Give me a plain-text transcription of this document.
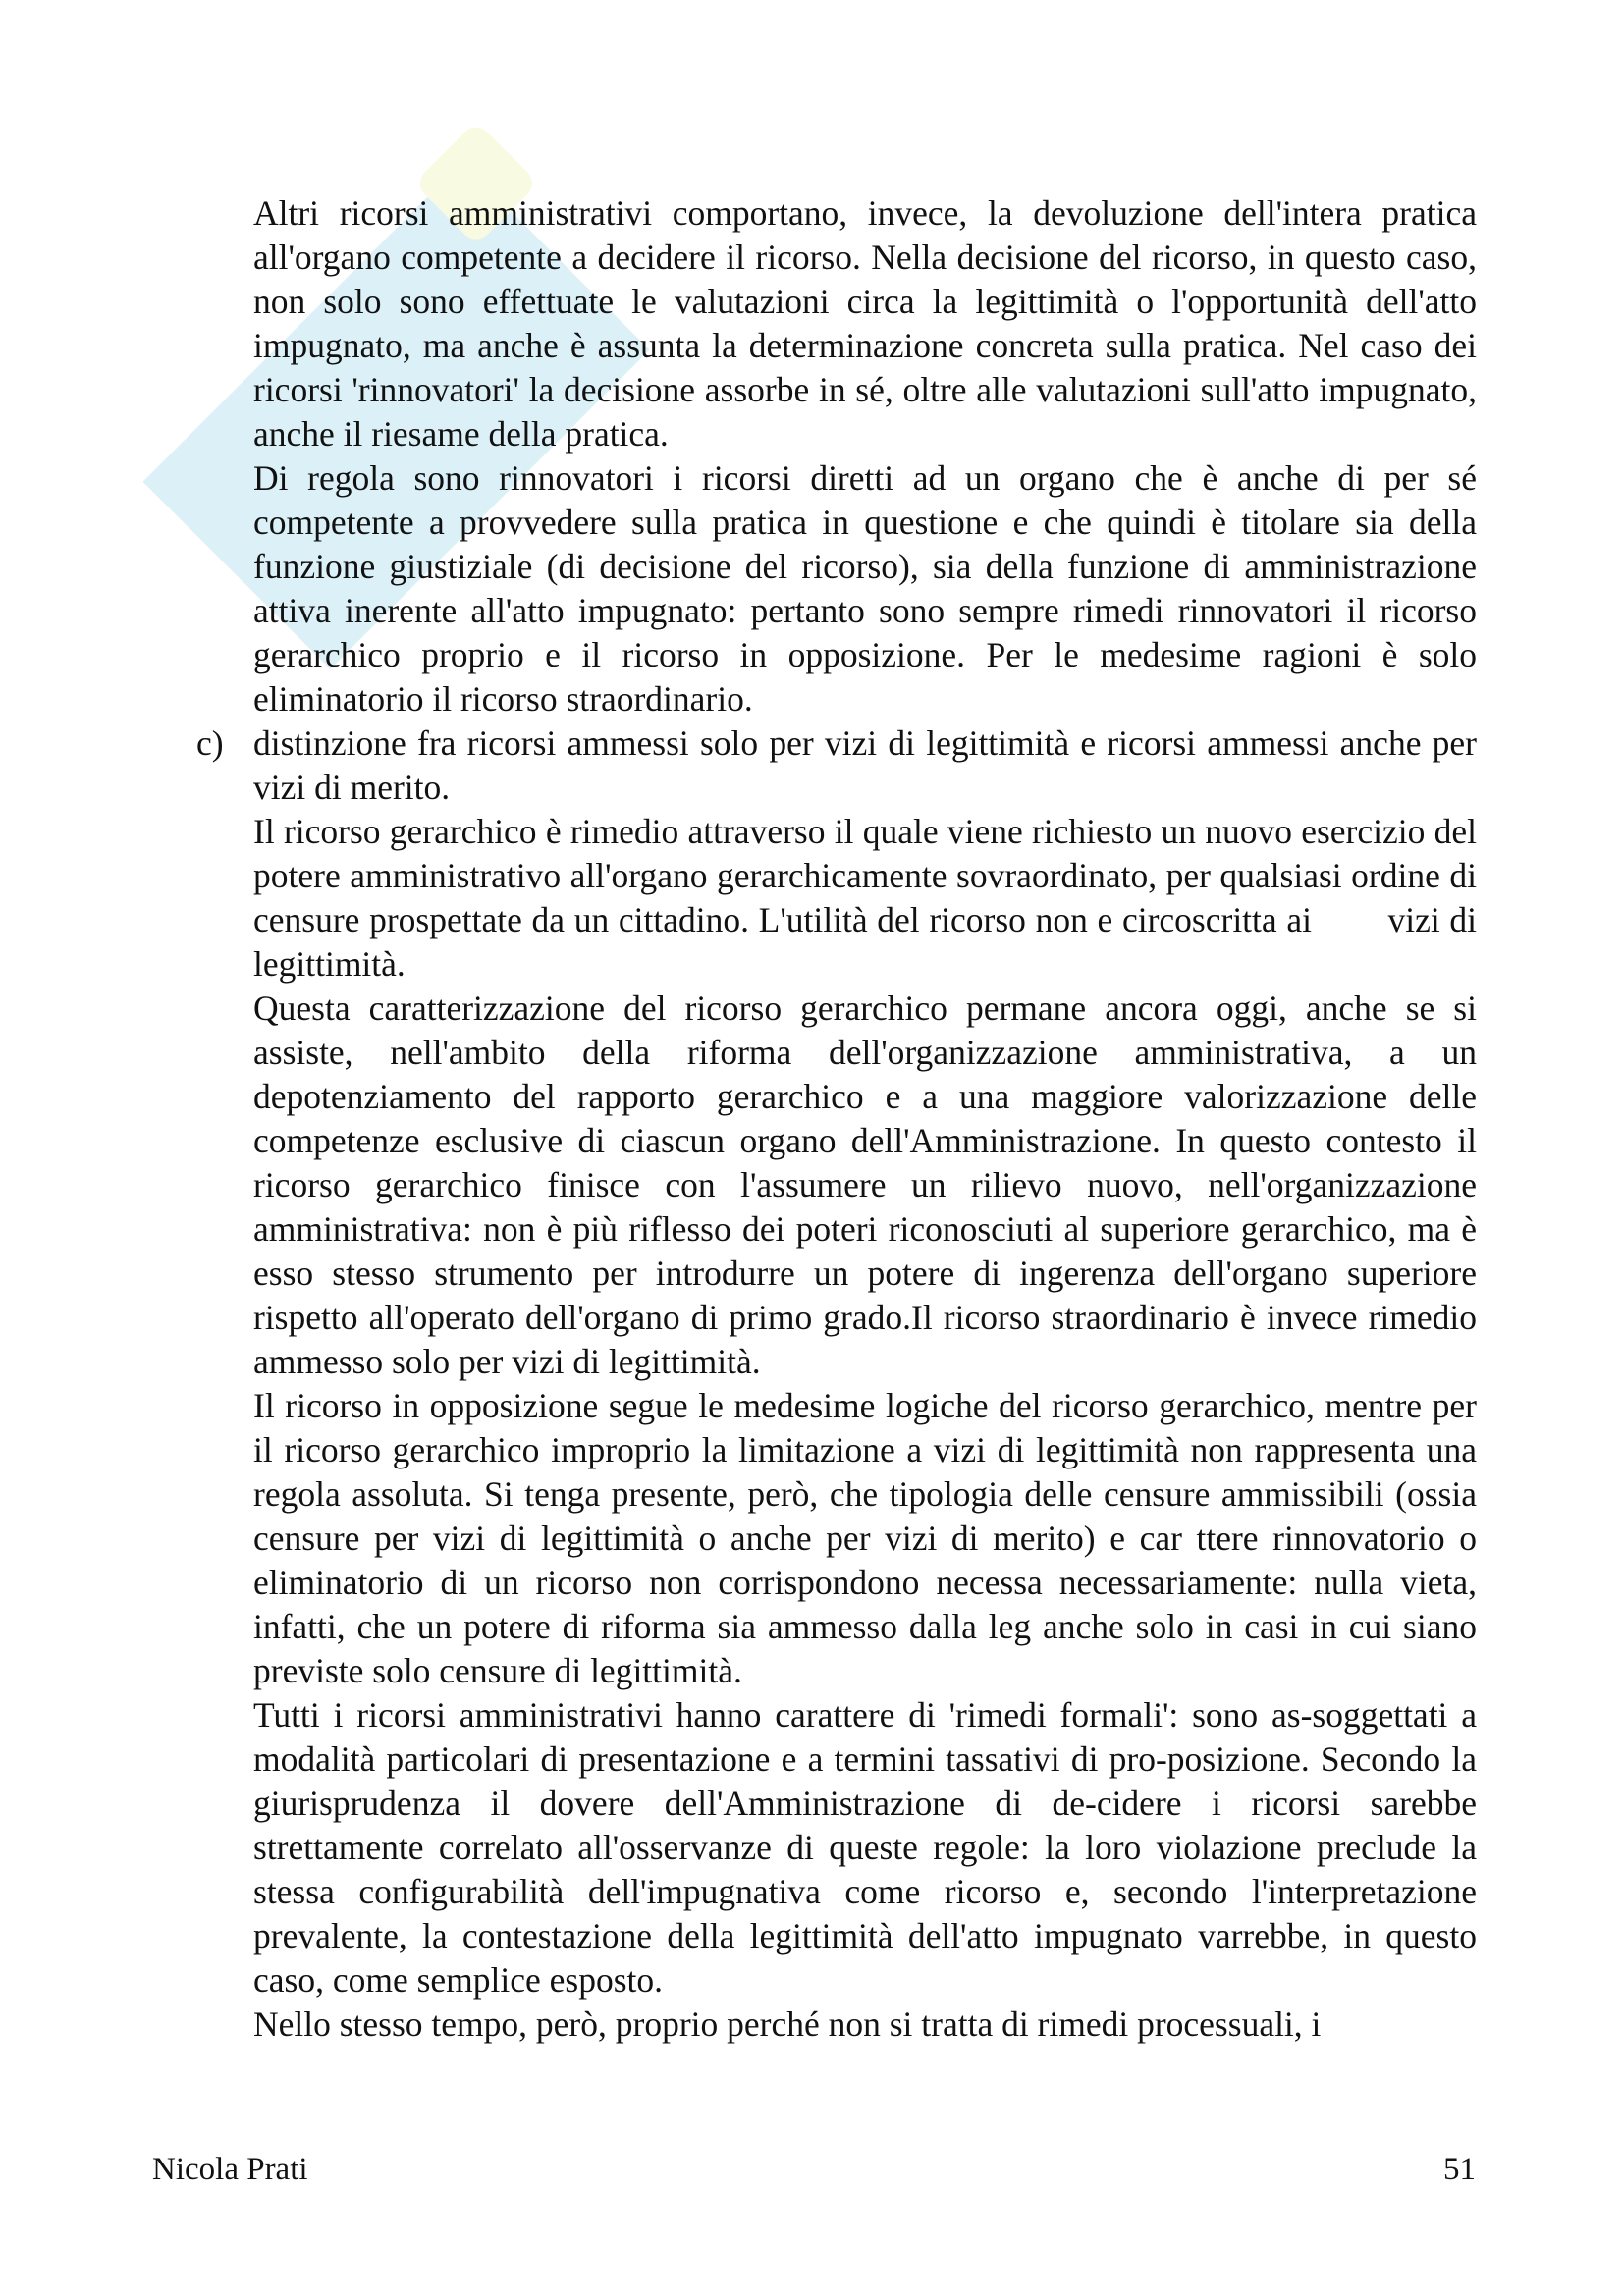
Altri ricorsi amministrativi comportano, invece, la devoluzione dell'intera pratica all'organo competente a decidere il ricorso. Nella decisione del ricorso, in questo caso, non solo sono effettuate le valutazioni circa la legittimità o l'opportunità dell'atto impugnato, ma anche è assunta la determinazione concreta sulla pratica. Nel caso dei ricorsi 'rinnovatori' la decisione assorbe in sé, oltre alle valutazioni sull'atto impugnato, anche il riesame della pratica.

Di regola sono rinnovatori i ricorsi diretti ad un organo che è anche di per sé competente a provvedere sulla pratica in questione e che quindi è titolare sia della funzione giustiziale (di decisione del ricorso), sia della funzione di amministrazione attiva inerente all'atto impugnato: pertanto sono sempre rimedi rinnovatori il ricorso gerarchico proprio e il ricorso in opposizione. Per le medesime ragioni è solo eliminatorio il ricorso straordinario.

c) distinzione fra ricorsi ammessi solo per vizi di legittimità e ricorsi ammessi anche per vizi di merito.

Il ricorso gerarchico è rimedio attraverso il quale viene richiesto un nuovo esercizio del potere amministrativo all'organo gerarchicamente sovraordinato, per qualsiasi ordine di censure prospettate da un cittadino. L'utilità del ricorso non e circoscritta ai        vizi di legittimità.

Questa caratterizzazione del ricorso gerarchico permane ancora oggi, anche se si assiste, nell'ambito della riforma dell'organizzazione amministrativa, a un depotenziamento del rapporto gerarchico e a una maggiore valorizzazione delle competenze esclusive di ciascun organo dell'Amministrazione. In questo contesto il ricorso gerarchico finisce con l'assumere un rilievo nuovo, nell'organizzazione amministrativa: non è più riflesso dei poteri riconosciuti al superiore gerarchico, ma è esso stesso strumento per introdurre un potere di ingerenza dell'organo superiore rispetto all'operato dell'organo di primo grado.Il ricorso straordinario è invece rimedio ammesso solo per vizi di legittimità.

Il ricorso in opposizione segue le medesime logiche del ricorso gerarchico, mentre per il ricorso gerarchico improprio la limitazione a vizi di legittimità non rappresenta una regola assoluta. Si tenga presente, però, che tipologia delle censure ammissibili (ossia censure per vizi di legittimità o anche per vizi di merito) e car ttere rinnovatorio o eliminatorio di un ricorso non corrispondono necessa necessariamente: nulla vieta, infatti, che un potere di riforma sia ammesso dalla leg anche solo in casi in cui siano previste solo censure di legittimità.

Tutti i ricorsi amministrativi hanno carattere di 'rimedi formali': sono as-soggettati a modalità particolari di presentazione e a termini tassativi di pro-posizione. Secondo la giurisprudenza il dovere dell'Amministrazione di de-cidere i ricorsi sarebbe strettamente correlato all'osservanze di queste regole: la loro violazione preclude la stessa configurabilità dell'impugnativa come ricorso e, secondo l'interpretazione prevalente, la contestazione della legittimità dell'atto impugnato varrebbe, in questo caso, come semplice esposto.

Nello stesso tempo, però, proprio perché non si tratta di rimedi processuali, i

Nicola Prati	51
